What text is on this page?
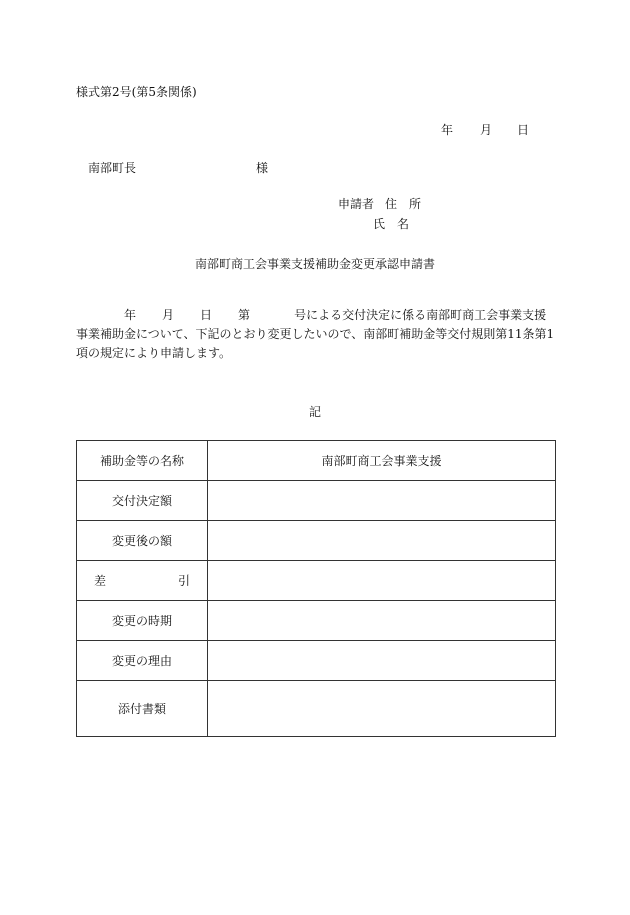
様式第2号(第5条関係)
年 月 日
南部町長	様
申請者 住　所
氏　名
南部町商工会事業支援補助金変更承認申請書
年 月 日 第	号による交付決定に係る南部町商工会事業支援
事業補助金について、下記のとおり変更したいので、南部町補助金等交付規則第11条第1
項の規定により申請します。
記
補助金等の名称	南部町商工会事業支援
交付決定額	
変更後の額	
差引	
変更の時期	
変更の理由	
添付書類	
